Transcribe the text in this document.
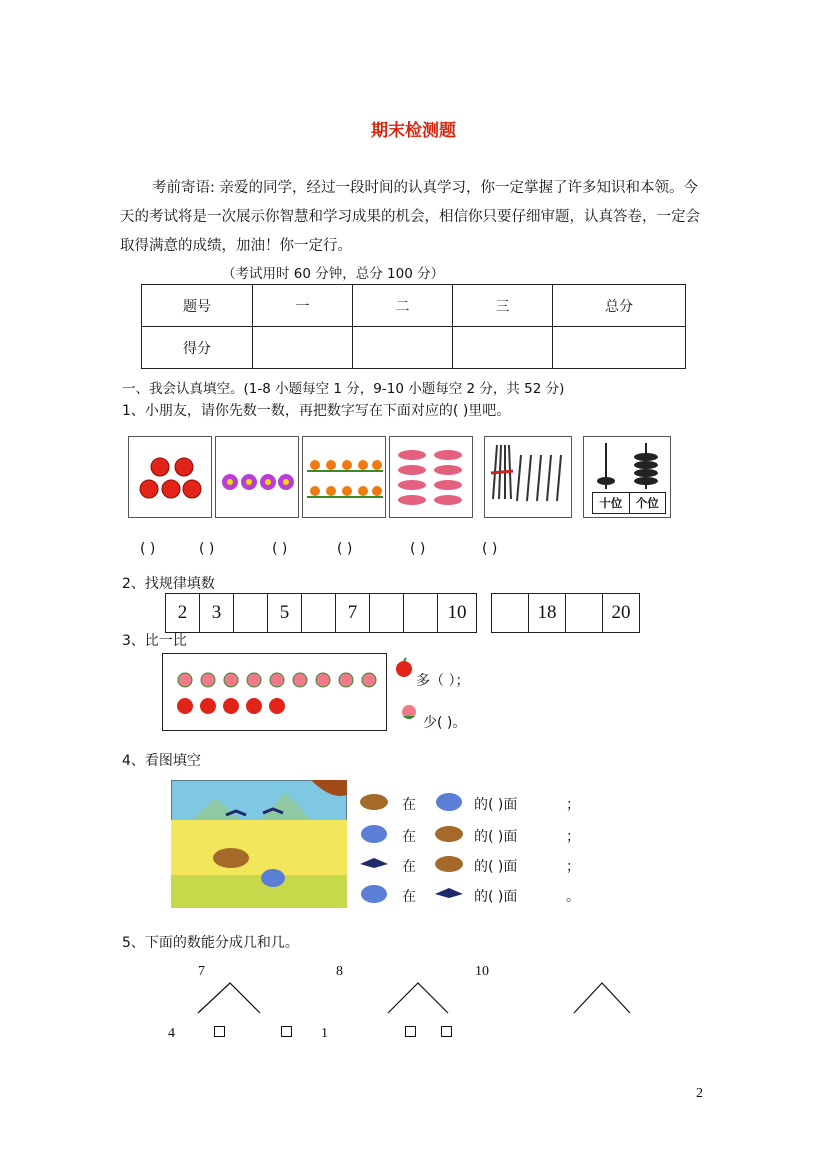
期末检测题
考前寄语: 亲爱的同学，经过一段时间的认真学习，你一定掌握了许多知识和本领。今
天的考试将是一次展示你智慧和学习成果的机会，相信你只要仔细审题，认真答卷，一定会
取得满意的成绩，加油！你一定行。
（考试用时 60 分钟，总分 100 分）
题号	一	二	三	总分
得分				
一、我会认真填空。(1-8 小题每空 1 分，9-10 小题每空 2 分，共 52 分)
1、小朋友，请你先数一数，再把数字写在下面对应的( )里吧。
十位	个位
( )	( )	( )	( )	( )	( )
2、找规律填数
2	3	5	7	10	18	20
3、比一比
多（ ）；
少( )。
4、看图填空
在	的( )面	；
在	的( )面	；
在	的( )面	；
在	的( )面	。
5、下面的数能分成几和几。
7	8	10
4	1
2
